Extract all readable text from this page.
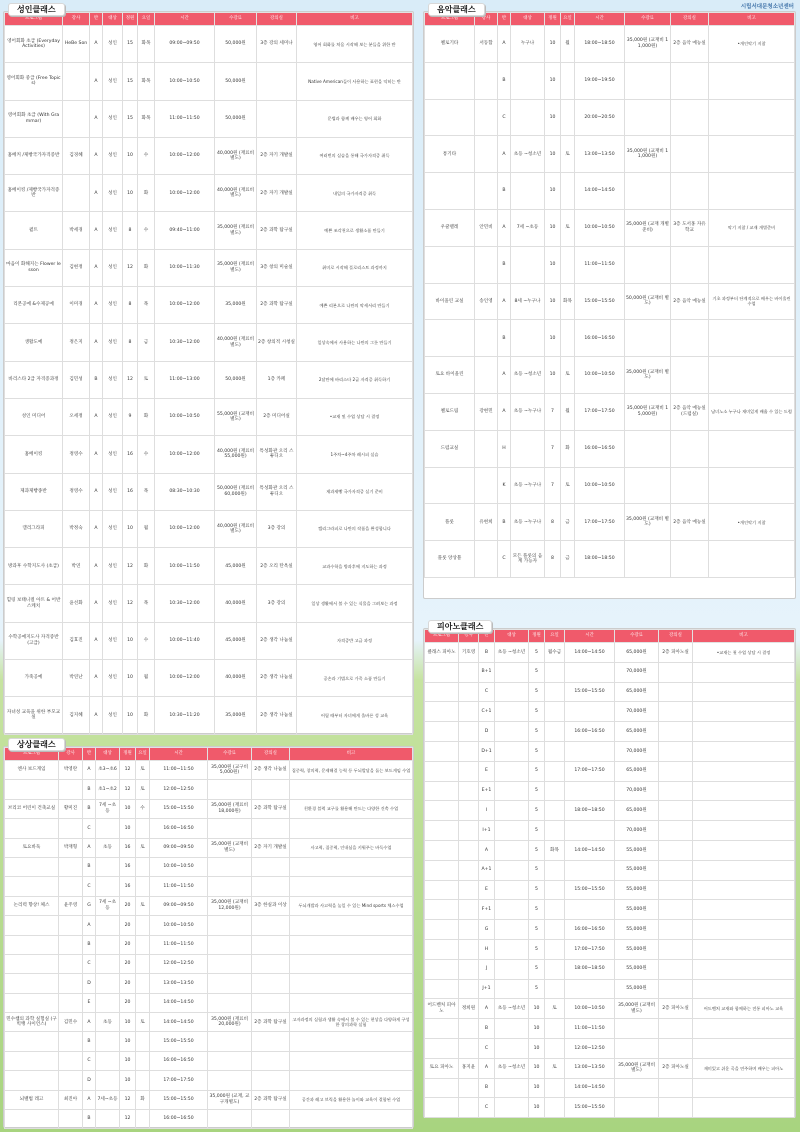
시립서대문청소년센터
프로그램	강사	반	대상	정원	요일	시간	수강료	강의실	비고
영어회화 초급 (Everyday Activities)	HeBe Son	A	성인	15	화목	09:00~09:50	50,000원	3층 강의 세미나	영어 회화를 처음 시작해 보는 분들을 위한 반
영어회화 중급 (Free Topics)		A	성인	15	화목	10:00~10:50	50,000원		Native American들이 사용하는 표현을 익히는 반
영어회화 초급 (With Grammar)		A	성인	15	화목	11:00~11:50	50,000원		문법과 함께 배우는 영어 회화
홈베커 /제빵국가자격증반	김경혜	A	성인	10	수	10:00~12:00	40,000원 (재료비 별도)	2층 자기 개발실	여러번의 실습을 통해 국가자격증 취득
홈베이킹 /제빵국가자격증반		A	성인	10	화	10:00~12:00	40,000원 (재료비 별도)	2층 자기 개발실	내일의 국가자격증 취득
퀼트	박세경	A	성인	8	수	09:40~11:00	35,000원 (재료비 별도)	2층 과학 탐구실	예쁜 조각천으로 생활소품 만들기
마음이 화해지는 Flower lesson	김현정	A	성인	12	화	10:00~11:30	35,000원 (재료비 별도)	3층 창의 미술실	취미로 시작해 플로리스트 과정까지
리본공예 &수제공예	이미경	A	성인	8	목	10:00~12:00	35,000원	2층 과학 탐구실	예쁜 리본으로 나만의 악세서리 만들기
생활도예	정은지	A	성인	8	금	10:30~12:00	40,000원 (재료비 별도)	2층 창의적 시청실	일상속에서 사용하는 나만의 그릇 만들기
바리스타 2급 자격증과정	김민성	B	성인	12	토	11:00~13:00	50,000원	1층 카페	2달만에 바리스타 2급 자격증 취득하기
성인 미디어	오세정	A	성인	9	화	10:00~10:50	55,000원 (교재비 별도)	2층 미디어실	•교재 및 수업 상담 시 결정
홈베이킹	정영수	A	성인	16	수	10:00~12:00	40,000원 (재료비 55,000원)	특성화관 오리 스튜디오	1주차~4주차 레시피 실습
제과제빵종반	정영수	A	성인	16	목	08:30~10:30	50,000원 (재료비 60,000원)	특성화관 오리 스튜디오	제과제빵 국가자격증 실기 준비
캘리그라피	박정숙	A	성인	10	월	10:00~12:00	40,000원 (재료비 별도)	3층 강의	캘리그라피로 나만의 작품을 완성합니다
방과후 수학지도사 (초급)	박연	A	성인	12	화	10:00~11:50	45,000원	2층 오리 탄옥실	교과수학을 방과후에 지도하는 과정
힐링 보태니컬 아트 & 어반스케치	윤선화	A	성인	12	목	10:30~12:00	40,000원	3층 강의	일상 생활에서 볼 수 있는 식물을 그려보는 과정
수학공예지도사 자격증반 (고급)	김효진	A	성인	10	수	10:00~11:40	45,000원	2층 생각 나눔실	자격증반 고급 과정
가죽공예	박연난	A	성인	10	월	10:00~12:00	40,000원	2층 생각 나눔실	공손과 기법으로 가죽 소품 만들기
자녀성 교육을 위한 부모교실	김지혜	A	성인	10	화	10:30~11:20	35,000원	2층 생각 나눔실	어릴 때부터 자녀에게 올바른 성 교육
성인클래스
프로그램	강사	반	대상	정원	요일	시간	수강료	강의실	비고
첼로기타	서동함	A	누구나	10	월	18:00~18:50	35,000원 (교재비 11,000원)	2층 음악 예능실	•개인악기 지참
		B		10		19:00~19:50			
		C		10		20:00~20:50			
통기타		A	초등 ~청소년	10	토	13:00~13:50	35,000원 (교재비 11,000원)		
		B		10		14:00~14:50			
우쿨렐레	안민비	A	7세 ~초등	10	토	10:00~10:50	35,000원 (교재 개별준비)	3층 도서홍 자유학교	악기 지참 / 교재 개별준비
		B		10		11:00~11:50			
바이올린 교실	송인영	A	8세 ~누구나	10	화목	15:00~15:50	50,000원 (교재비 별도)	2층 음악 예능실	기초 과정부터 단계적으로 배우는 바이올린 수업
		B		10		16:00~16:50			
토요 바이올린		A	초등 ~청소년	10	토	10:00~10:50	35,000원 (교재비 별도)		
첼로드림	강현민	A	초등 ~누구나	7	월	17:00~17:50	35,000원 (교재비 15,000원)	2층 음악 예능실 (드럼실)	남녀노소 누구나 재미있게 배울 수 있는 드럼
드럼교실		H		7	화	16:00~16:50			
		K	초등 ~누구나	7	토	10:00~10:50			
플룻	유현희	B	초등 ~누구나	8	금	17:00~17:50	35,000원 (교재비 별도)	2층 음악 예능실	•개인악기 지참
플룻 앙상블		C	모든 플룻의 음계 가능자	8	금	18:00~18:50			
음악클래스
프로그램	강사	반	대상	정원	요일	시간	수강료	강의실	비고
클래스 피아노	기호영	B	초등 ~청소년	5	월수금	14:00~14:50	65,000원	2층 피아노실	•교재는 첫 수업 상담 시 결정
		B+1		5			70,000원		
		C		5		15:00~15:50	65,000원		
		C+1		5			70,000원		
		D		5		16:00~16:50	65,000원		
		D+1		5			70,000원		
		E		5		17:00~17:50	65,000원		
		E+1		5			70,000원		
		I		5		18:00~18:50	65,000원		
		I+1		5			70,000원		
		A		5	화목	14:00~14:50	55,000원		
		A+1		5			55,000원		
		E		5		15:00~15:50	55,000원		
		F+1		5			55,000원		
		G		5		16:00~16:50	55,000원		
		H		5		17:00~17:50	55,000원		
		J		5		18:00~18:50	55,000원		
		J+1		5			55,000원		
어드벤처 피아노	정희원	A	초등 ~청소년	10	토	10:00~10:50	35,000원 (교재비 별도)	2층 피아노실	어드벤처 교재와 함께하는 전통 피아노 교육
		B		10		11:00~11:50			
		C		10		12:00~12:50			
토요 피아노	홍지윤	A	초등 ~청소년	10	토	13:00~13:50	35,000원 (교재비 별도)	2층 피아노실	재미있고 쉬운 곡을 연주하며 배우는 피아노
		B		10		14:00~14:50			
		C		10		15:00~15:50			
피아노클래스
프로그램	강사	반	대상	정원	요일	시간	수강료	강의실	비고
엔사 보드게임	박영란	A	초3~초6	12	토	11:00~11:50	35,000원 (교구비 5,000원)	2층 생각 나눔실	집중력, 창의력, 문제해결 능력 등 두뇌발달을 돕는 보드게임 수업
		B	초1~초2	12	토	12:00~12:50			
브리코 어린이 건축교실	황미진	B	7세 ~초등	10	수	15:00~15:50	35,000원 (재료비 18,000원)	2층 과학 탐구실	친환경 블럭 교구를 활용해 만드는 다양한 건축 수업
		C		10		16:00~16:50			
토요바둑	박재형	A	초등	16	토	09:00~09:50	35,000원 (교재비 별도)	2층 자기 개발실	사고력, 집중력, 인내심을 키워주는 바둑수업
		B		16		10:00~10:50			
		C		16		11:00~11:50			
논리력 향상! 체스	윤주영	G	7세 ~초등	20	토	09:00~09:50	35,000원 (교재비 12,000원)	3층 한실과 이상	두뇌개발과 사고력을 높일 수 있는 Mind sports 체스수업
		A		20		10:00~10:50			
		B		20		11:00~11:50			
		C		20		12:00~12:50			
		D		20		13:00~13:50			
		E		20		14:00~14:50			
민수쌤의 과학 실험실 (구 빅뱅 사이언스)	김민수	A	초등	10	토	14:00~14:50	35,000원 (재료비 20,000원)	2층 과학 탐구실	고자과정의 실험과 생활 속에서 볼 수 있는 현상을 다양하게 구성한 창의과학 실험
		B		10		15:00~15:50			
		C		10		16:00~16:50			
		D		10		17:00~17:50			
뇌밸법 레고	최진아	A	7세~초등	12	화	15:00~15:50	35,000원 (교재, 교구개별도)	2층 과학 탐구실	공간과 레고 브릭을 활용한 놀이와 교육이 결합된 수업
		B		12		16:00~16:50			
상상클래스
